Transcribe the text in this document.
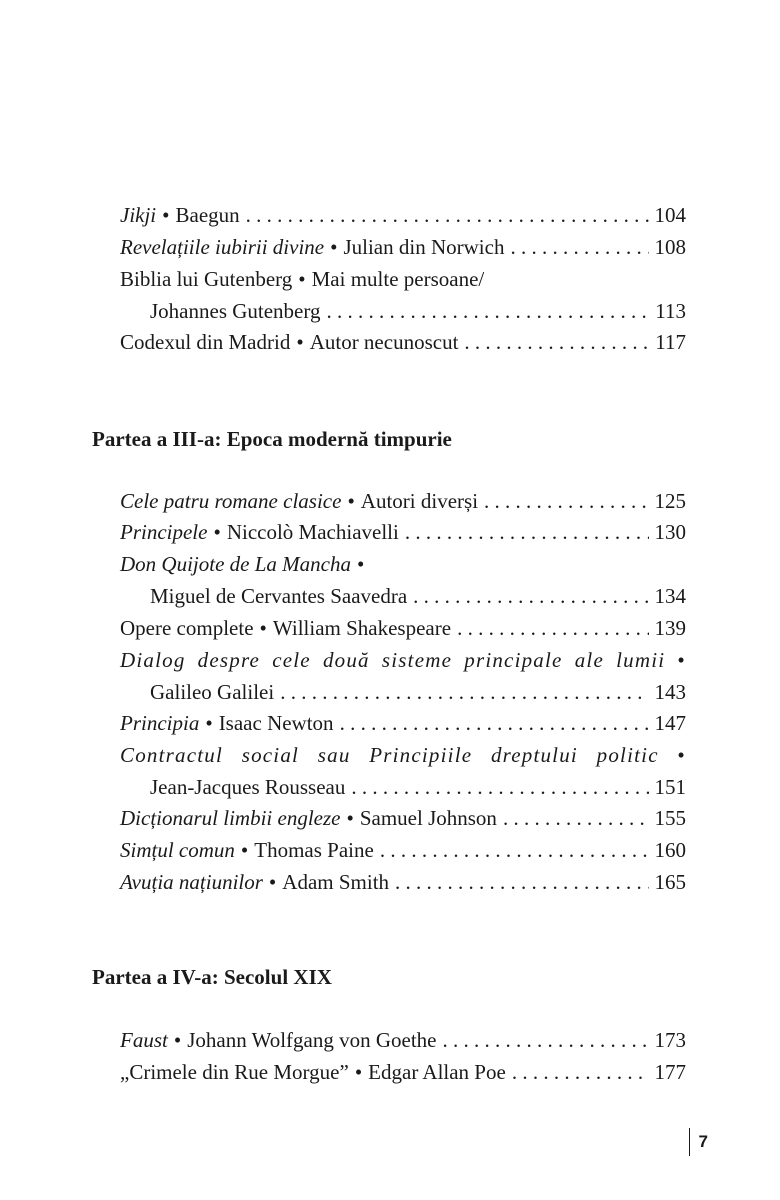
Jikji • Baegun . . .	104
Revelațiile iubirii divine • Julian din Norwich . . .	108
Biblia lui Gutenberg • Mai multe persoane/
Johannes Gutenberg . . .	113
Codexul din Madrid • Autor necunoscut . . .	117
Partea a III-a: Epoca modernă timpurie
Cele patru romane clasice • Autori diverși . . .	125
Principele • Niccolò Machiavelli . . .	130
Don Quijote de La Mancha •
Miguel de Cervantes Saavedra . . .	134
Opere complete • William Shakespeare . . .	139
Dialog despre cele două sisteme principale ale lumii •
Galileo Galilei . . .	143
Principia • Isaac Newton . . .	147
Contractul social sau Principiile dreptului politic •
Jean-Jacques Rousseau . . .	151
Dicționarul limbii engleze • Samuel Johnson . . .	155
Simțul comun • Thomas Paine . . .	160
Avuția națiunilor • Adam Smith . . .	165
Partea a IV-a: Secolul XIX
Faust • Johann Wolfgang von Goethe . . .	173
„Crimele din Rue Morgue” • Edgar Allan Poe . . .	177
7
